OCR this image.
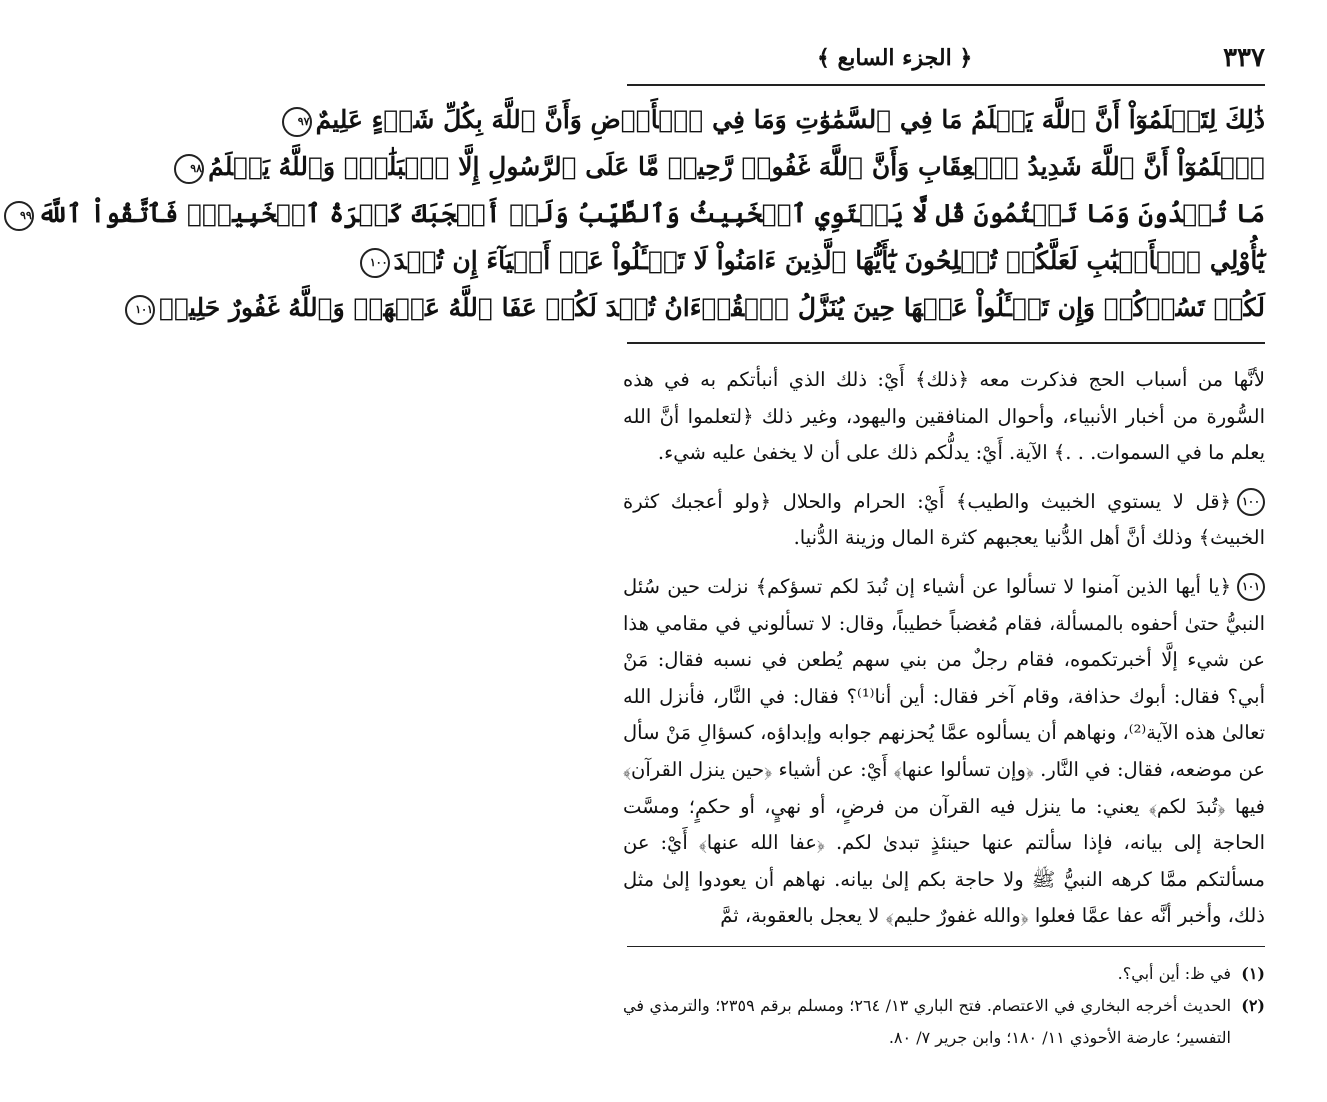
٣٣٧
﴿ الجزء السابع ﴾
ذَٰلِكَ لِتَعۡلَمُوٓاْ أَنَّ ٱللَّهَ يَعۡلَمُ مَا فِي ٱلسَّمَٰوَٰتِ وَمَا فِي ٱلۡأَرۡضِ وَأَنَّ ٱللَّهَ بِكُلِّ شَيۡءٍ عَلِيمٌ٩٧
ٱعۡلَمُوٓاْ أَنَّ ٱللَّهَ شَدِيدُ ٱلۡعِقَابِ وَأَنَّ ٱللَّهَ غَفُورٞ رَّحِيمٞ مَّا عَلَى ٱلرَّسُولِ إِلَّا ٱلۡبَلَٰغُۗ وَٱللَّهُ يَعۡلَمُ٩٨
مَا تُبۡدُونَ وَمَا تَكۡتُمُونَ قُل لَّا يَسۡتَوِي ٱلۡخَبِيثُ وَٱلطَّيِّبُ وَلَوۡ أَعۡجَبَكَ كَثۡرَةُ ٱلۡخَبِيثِۚ فَٱتَّقُواْ ٱللَّهَ٩٩
يَٰٓأُوْلِي ٱلۡأَلۡبَٰبِ لَعَلَّكُمۡ تُفۡلِحُونَ يَٰٓأَيُّهَا ٱلَّذِينَ ءَامَنُواْ لَا تَسۡـَٔلُواْ عَنۡ أَشۡيَآءَ إِن تُبۡدَ١٠٠
لَكُمۡ تَسُؤۡكُمۡ وَإِن تَسۡـَٔلُواْ عَنۡهَا حِينَ يُنَزَّلُ ٱلۡقُرۡءَانُ تُبۡدَ لَكُمۡ عَفَا ٱللَّهُ عَنۡهَاۗ وَٱللَّهُ غَفُورٌ حَلِيمٞ١٠١

لأنَّها من أسباب الحج فذكرت معه ﴿ذلك﴾ أَيْ: ذلك الذي أنبأتكم به في هذه السُّورة من أخبار الأنبياء، وأحوال المنافقين واليهود، وغير ذلك ﴿لتعلموا أنَّ الله يعلم ما في السموات. . .﴾ الآية. أَيْ: يدلُّكم ذلك على أن لا يخفىٰ عليه شيء.

١٠٠﴿قل لا يستوي الخبيث والطيب﴾ أَيْ: الحرام والحلال ﴿ولو أعجبك كثرة الخبيث﴾ وذلك أنَّ أهل الدُّنيا يعجبهم كثرة المال وزينة الدُّنيا.

١٠١﴿يا أيها الذين آمنوا لا تسألوا عن أشياء إن تُبدَ لكم تسؤكم﴾ نزلت حين سُئل النبيُّ حتىٰ أحفوه بالمسألة، فقام مُغضباً خطيباً، وقال: لا تسألوني في مقامي هذا عن شيء إلَّا أخبرتكموه، فقام رجلٌ من بني سهم يُطعن في نسبه فقال: مَنْ أبي؟ فقال: أبوك حذافة، وقام آخر فقال: أين أنا⁽¹⁾؟ فقال: في النَّار، فأنزل الله تعالىٰ هذه الآية⁽²⁾، ونهاهم أن يسألوه عمَّا يُحزنهم جوابه وإبداؤه، كسؤالِ مَنْ سأل عن موضعه، فقال: في النَّار. ﴿وإن تسألوا عنها﴾ أَيْ: عن أشياء ﴿حين ينزل القرآن﴾ فيها ﴿تُبدَ لكم﴾ يعني: ما ينزل فيه القرآن من فرضٍ، أو نهيٍ، أو حكمٍ؛ ومسَّت الحاجة إلى بيانه، فإذا سألتم عنها حينئذٍ تبدىٰ لكم. ﴿عفا الله عنها﴾ أَيْ: عن مسألتكم ممَّا كرهه النبيُّ ﷺ ولا حاجة بكم إلىٰ بيانه. نهاهم أن يعودوا إلىٰ مثل ذلك، وأخبر أنَّه عفا عمَّا فعلوا ﴿والله غفورٌ حليم﴾ لا يعجل بالعقوبة، ثمَّ

(١)
في ظ: أين أبي؟.
(٢)
الحديث أخرجه البخاري في الاعتصام. فتح الباري ١٣/ ٢٦٤؛ ومسلم برقم ٢٣٥٩؛ والترمذي في التفسير؛ عارضة الأحوذي ١١/ ١٨٠؛ وابن جرير ٧/ ٨٠.
